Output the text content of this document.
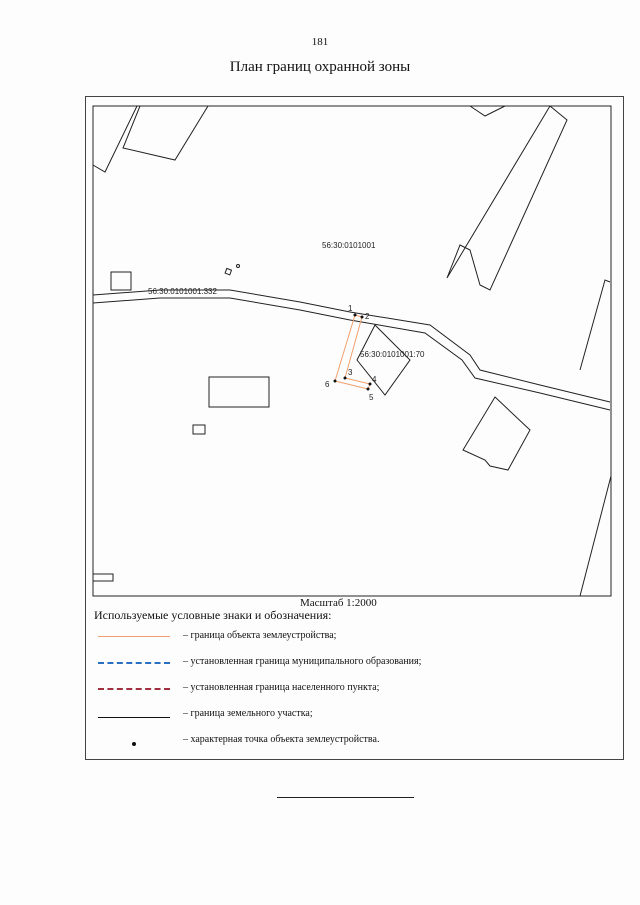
181
План границ охранной зоны
1
2
3
4
5
6
56:30:0101001
56:30:0101001:332
56:30:0101001:70
Масштаб 1:2000
Используемые условные знаки и обозначения:
– граница объекта землеустройства;
– установленная граница муниципального образования;
– установленная граница населенного пункта;
– граница земельного участка;
– характерная точка объекта землеустройства.
